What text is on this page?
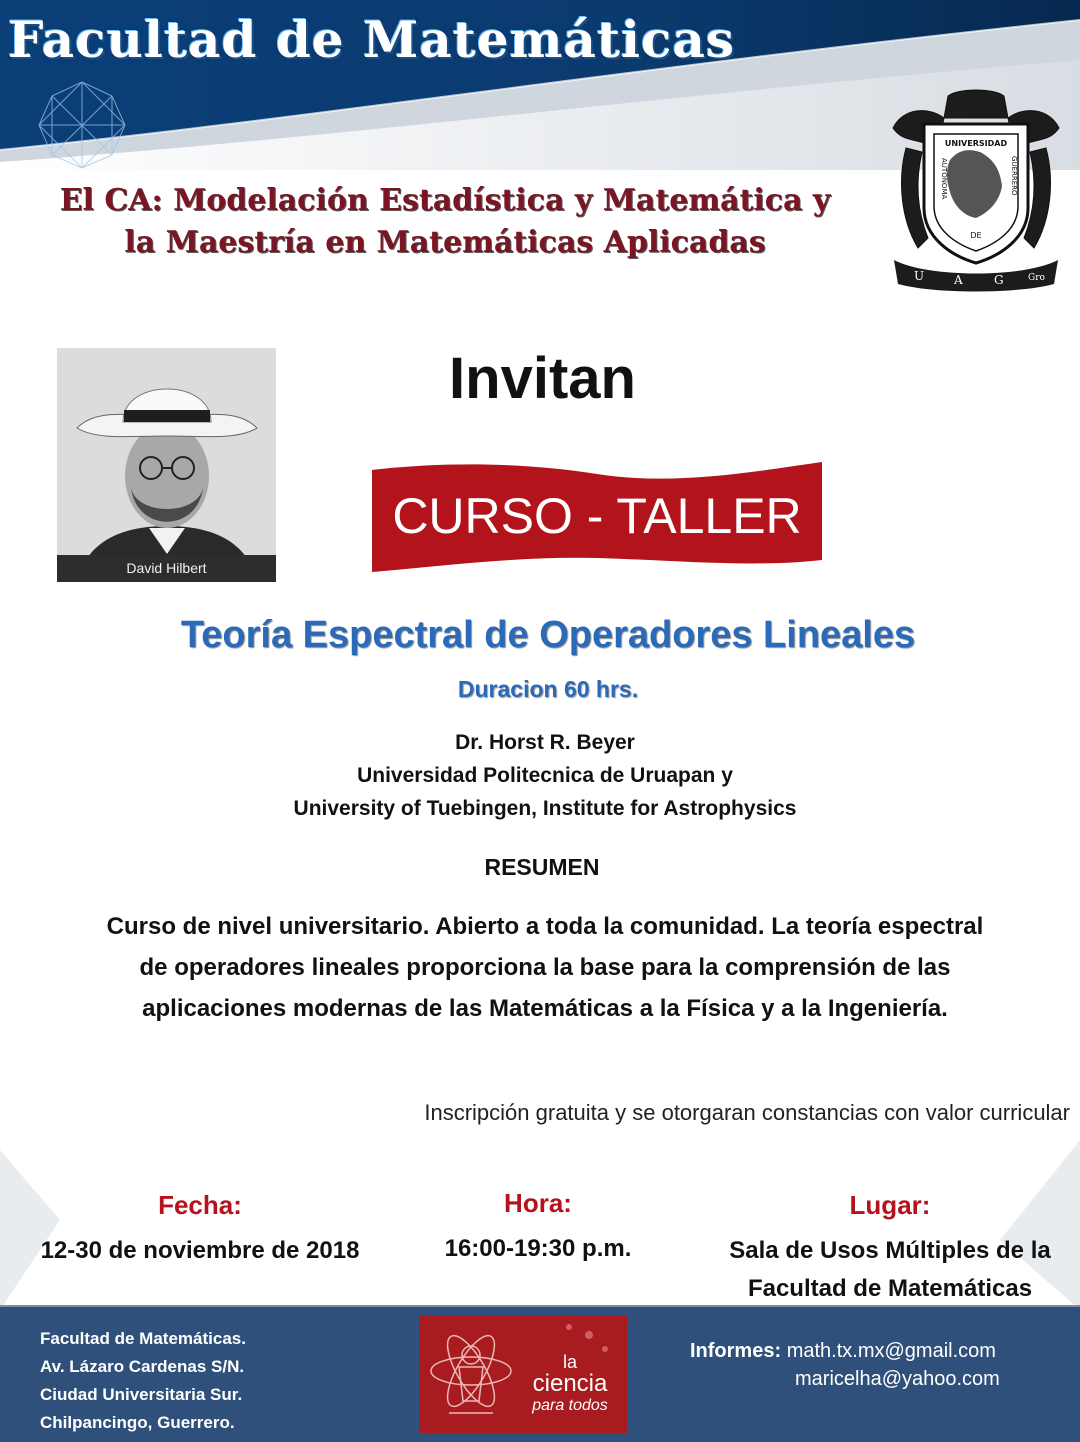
Facultad de Matemáticas
UNIVERSIDAD
AUTÓNOMA	GUERRERO
DE
U A	G	Gro
El CA: Modelación Estadística y Matemática y
la Maestría en Matemáticas Aplicadas
David Hilbert
Invitan
CURSO - TALLER
Teoría Espectral de Operadores Lineales
Duracion 60 hrs.
Dr. Horst R. Beyer
Universidad Politecnica de Uruapan y
University of Tuebingen, Institute for Astrophysics
RESUMEN
Curso de nivel universitario. Abierto a toda la comunidad. La teoría espectral
de operadores lineales proporciona la base para la comprensión de las
aplicaciones modernas de las Matemáticas a la Física y a la Ingeniería.
Inscripción gratuita y se otorgaran constancias con valor curricular
Fecha:	Hora:	Lugar:
12-30 de noviembre de 2018	16:00-19:30 p.m.	Sala de Usos Múltiples de la
Facultad de Matemáticas
Facultad de Matemáticas.
Av. Lázaro Cardenas S/N.
Ciudad Universitaria Sur.
Chilpancingo, Guerrero.
la
ciencia
para todos
Informes: math.tx.mx@gmail.com
maricelha@yahoo.com
